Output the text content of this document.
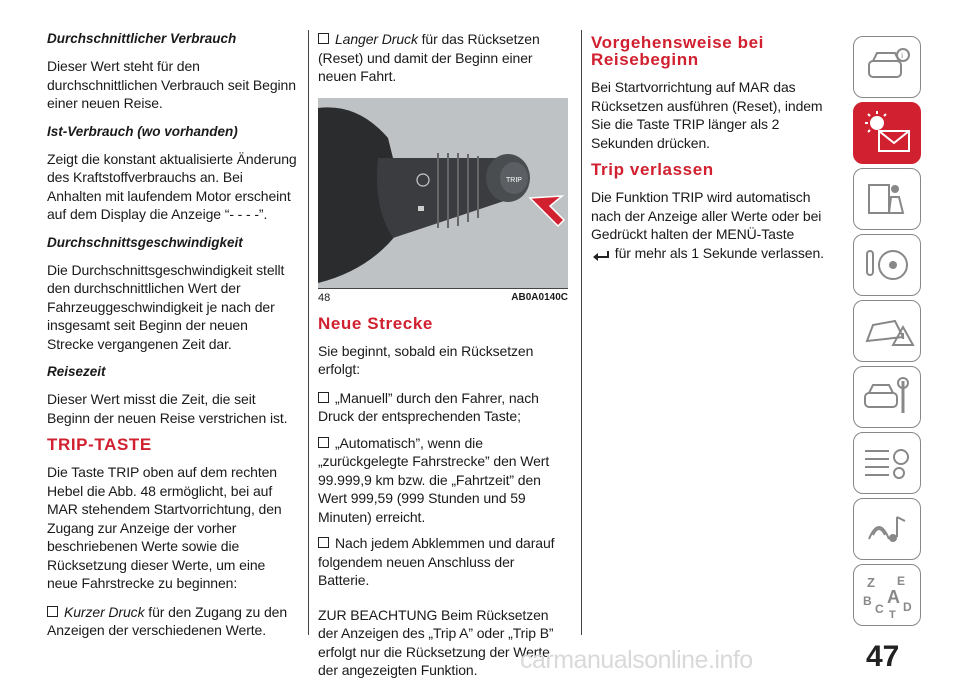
Durchschnittlicher Verbrauch
Dieser Wert steht für den durchschnittlichen Verbrauch seit Beginn einer neuen Reise.
Ist-Verbrauch (wo vorhanden)
Zeigt die konstant aktualisierte Änderung des Kraftstoffverbrauchs an. Bei Anhalten mit laufendem Motor erscheint auf dem Display die Anzeige “- - - -”.
Durchschnittsgeschwindigkeit
Die Durchschnittsgeschwindigkeit stellt den durchschnittlichen Wert der Fahrzeuggeschwindigkeit je nach der insgesamt seit Beginn der neuen Strecke vergangenen Zeit dar.
Reisezeit
Dieser Wert misst die Zeit, die seit Beginn der neuen Reise verstrichen ist.
TRIP-TASTE
Die Taste TRIP oben auf dem rechten Hebel die Abb. 48 ermöglicht, bei auf MAR stehendem Startvorrichtung, den Zugang zur Anzeige der vorher beschriebenen Werte sowie die Rücksetzung dieser Werte, um eine neue Fahrstrecke zu beginnen:
Kurzer Druck für den Zugang zu den Anzeigen der verschiedenen Werte.
Langer Druck für das Rücksetzen (Reset) und damit der Beginn einer neuen Fahrt.
TRIP
48	AB0A0140C
Neue Strecke
Sie beginnt, sobald ein Rücksetzen erfolgt:
„Manuell” durch den Fahrer, nach Druck der entsprechenden Taste;
„Automatisch”, wenn die „zurückgelegte Fahrstrecke” den Wert 99.999,9 km bzw. die „Fahrtzeit” den Wert 999,59 (999 Stunden und 59 Minuten) erreicht.
Nach jedem Abklemmen und darauf folgendem neuen Anschluss der Batterie.
ZUR BEACHTUNG Beim Rücksetzen der Anzeigen des „Trip A” oder „Trip B” erfolgt nur die Rücksetzung der Werte der angezeigten Funktion.
Vorgehensweise bei Reisebeginn
Bei Startvorrichtung auf MAR das Rücksetzen ausführen (Reset), indem Sie die Taste TRIP länger als 2 Sekunden drücken.
Trip verlassen
Die Funktion TRIP wird automatisch nach der Anzeige aller Werte oder bei Gedrückt halten der MENÜ-Taste
für mehr als 1 Sekunde verlassen.
i
Z E
B A
C D
T
carmanualsonline.info	47
